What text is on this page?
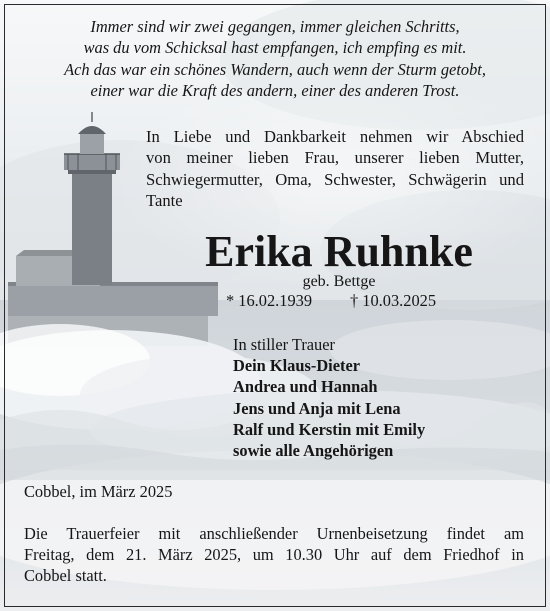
Immer sind wir zwei gegangen, immer gleichen Schritts,
was du vom Schicksal hast empfangen, ich empfing es mit.
Ach das war ein schönes Wandern, auch wenn der Sturm getobt,
einer war die Kraft des andern, einer des anderen Trost.
In Liebe und Dankbarkeit nehmen wir Abschied
von meiner lieben Frau, unserer lieben Mutter,
Schwiegermutter, Oma, Schwester, Schwägerin und
Tante
Erika Ruhnke
geb. Bettge
* 16.02.1939 † 10.03.2025
In stiller Trauer
Dein Klaus-Dieter
Andrea und Hannah
Jens und Anja mit Lena
Ralf und Kerstin mit Emily
sowie alle Angehörigen
Cobbel, im März 2025
Die Trauerfeier mit anschließender Urnenbeisetzung findet am
Freitag, dem 21. März 2025, um 10.30 Uhr auf dem Friedhof in
Cobbel statt.
